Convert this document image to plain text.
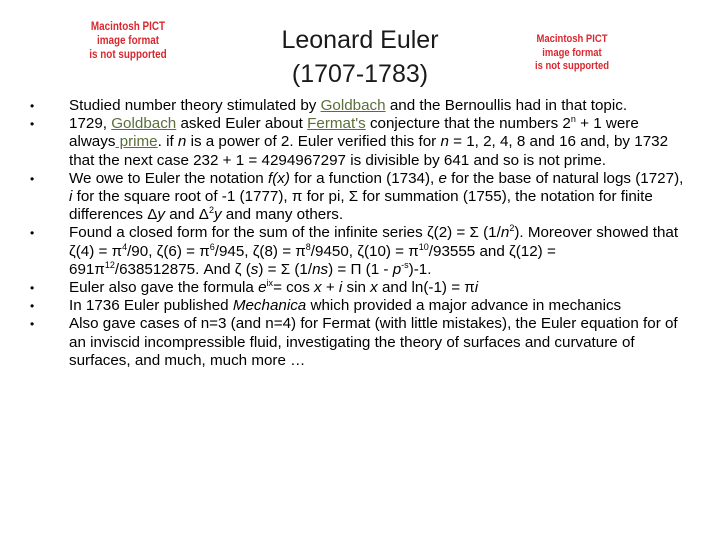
Macintosh PICT
image format
is not supported
Leonard Euler
(1707-1783)
Macintosh PICT
image format
is not supported
• Studied number theory stimulated by Goldbach and the Bernoullis had in that topic.
• 1729, Goldbach asked Euler about Fermat's conjecture that the numbers $2^n + 1$ were always prime. if n is a power of 2. Euler verified this for n = 1, 2, 4, 8 and 16 and, by 1732 that the next case 232 + 1 = 4294967297 is divisible by 641 and so is not prime.
• We owe to Euler the notation f(x) for a function (1734), e for the base of natural logs (1727), i for the square root of -1 (1777), π for pi, Σ for summation (1755), the notation for finite differences Δy and $\Delta^2y$ and many others.
• Found a closed form for the sum of the infinite series ζ(2) = Σ $(1/n^2)$. Moreover showed that $\zeta(4) = \pi^4/90$, $\zeta(6) = \pi^6/945$, $\zeta(8) = \pi^8/9450$, $\zeta(10) = \pi^{10}/93555$ and $\zeta(12) = 691\pi^{12}/638512875$. And ζ (s) = Σ (1/ns) = Π $(1 - p^{-s})-1$.
• Euler also gave the formula $e^{ix}= \cos x + i$ sin x and ln(-1) = πi
• In 1736 Euler published Mechanica which provided a major advance in mechanics
• Also gave cases of n=3 (and n=4) for Fermat (with little mistakes), the Euler equation for of an inviscid incompressible fluid, investigating the theory of surfaces and curvature of surfaces, and much, much more …
